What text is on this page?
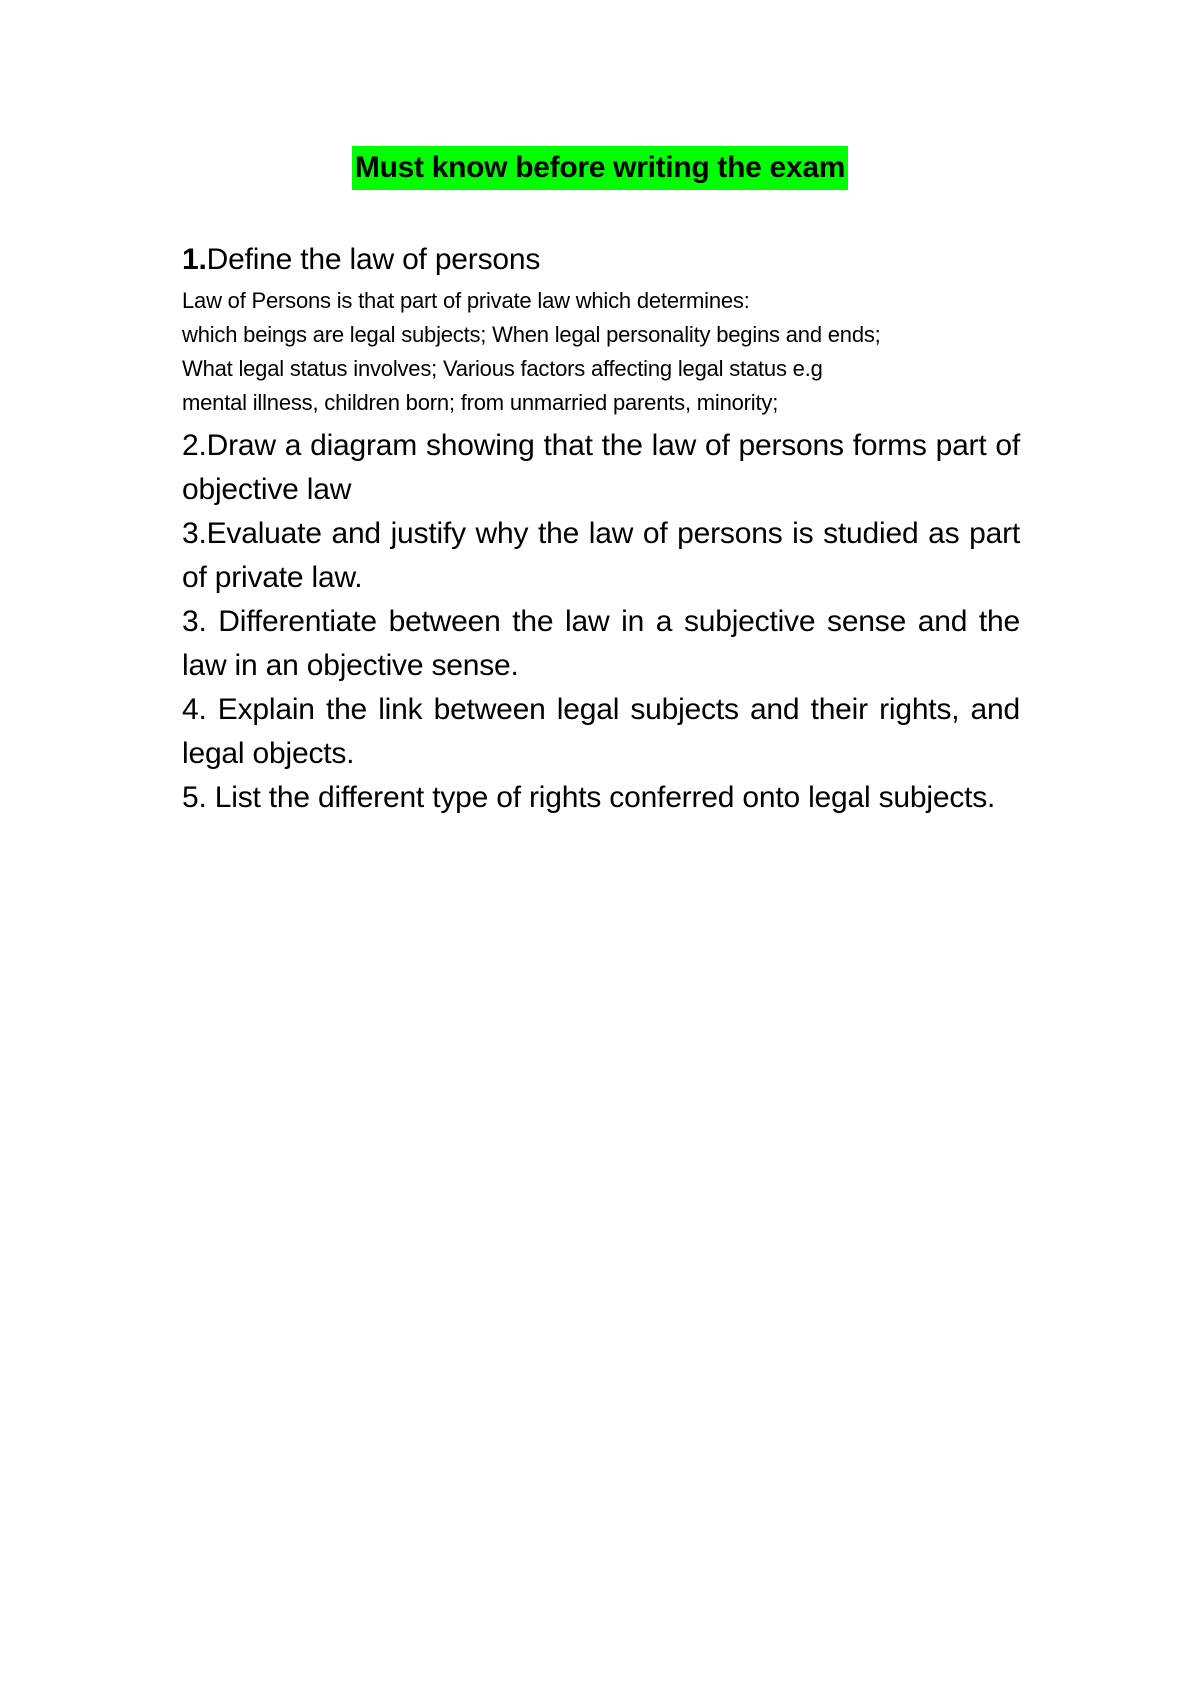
Must know before writing the exam

1.Define the law of persons

Law of Persons is that part of private law which determines:
which beings are legal subjects; When legal personality begins and ends;
What legal status involves; Various factors affecting legal status e.g
mental illness, children born; from unmarried parents, minority;

2.Draw a diagram showing that the law of persons forms part of objective law

3.Evaluate and justify why the law of persons is studied as part of private law.

3. Differentiate between the law in a subjective sense and the law in an objective sense.

4. Explain the link between legal subjects and their rights, and legal objects.

5. List the different type of rights conferred onto legal subjects.
